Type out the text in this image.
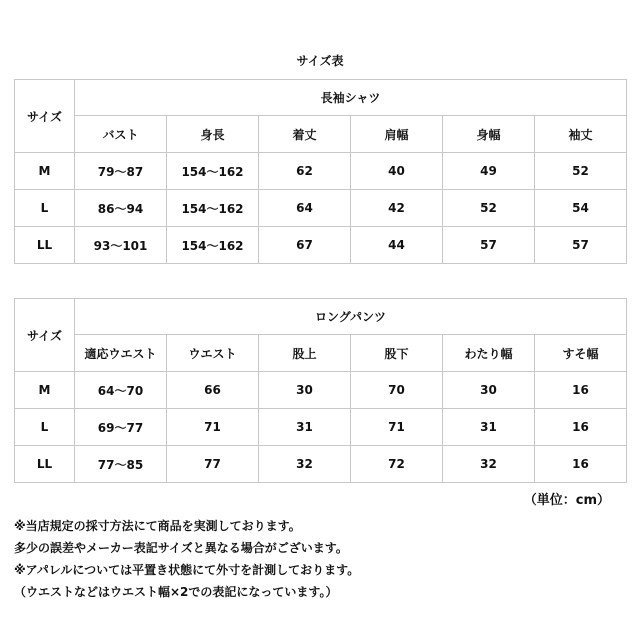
サイズ表
サイズ	長袖シャツ					
	バスト	身長	着丈	肩幅	身幅	袖丈
M	79〜87	154〜162	62	40	49	52
L	86〜94	154〜162	64	42	52	54
LL	93〜101	154〜162	67	44	57	57
サイズ	ロングパンツ					
	適応ウエスト	ウエスト	股上	股下	わたり幅	すそ幅
M	64〜70	66	30	70	30	16
L	69〜77	71	31	71	31	16
LL	77〜85	77	32	72	32	16
（単位：cm）
※当店規定の採寸方法にて商品を実測しております。
多少の誤差やメーカー表記サイズと異なる場合がございます。
※アパレルについては平置き状態にて外寸を計測しております。
（ウエストなどはウエスト幅×2での表記になっています。）
